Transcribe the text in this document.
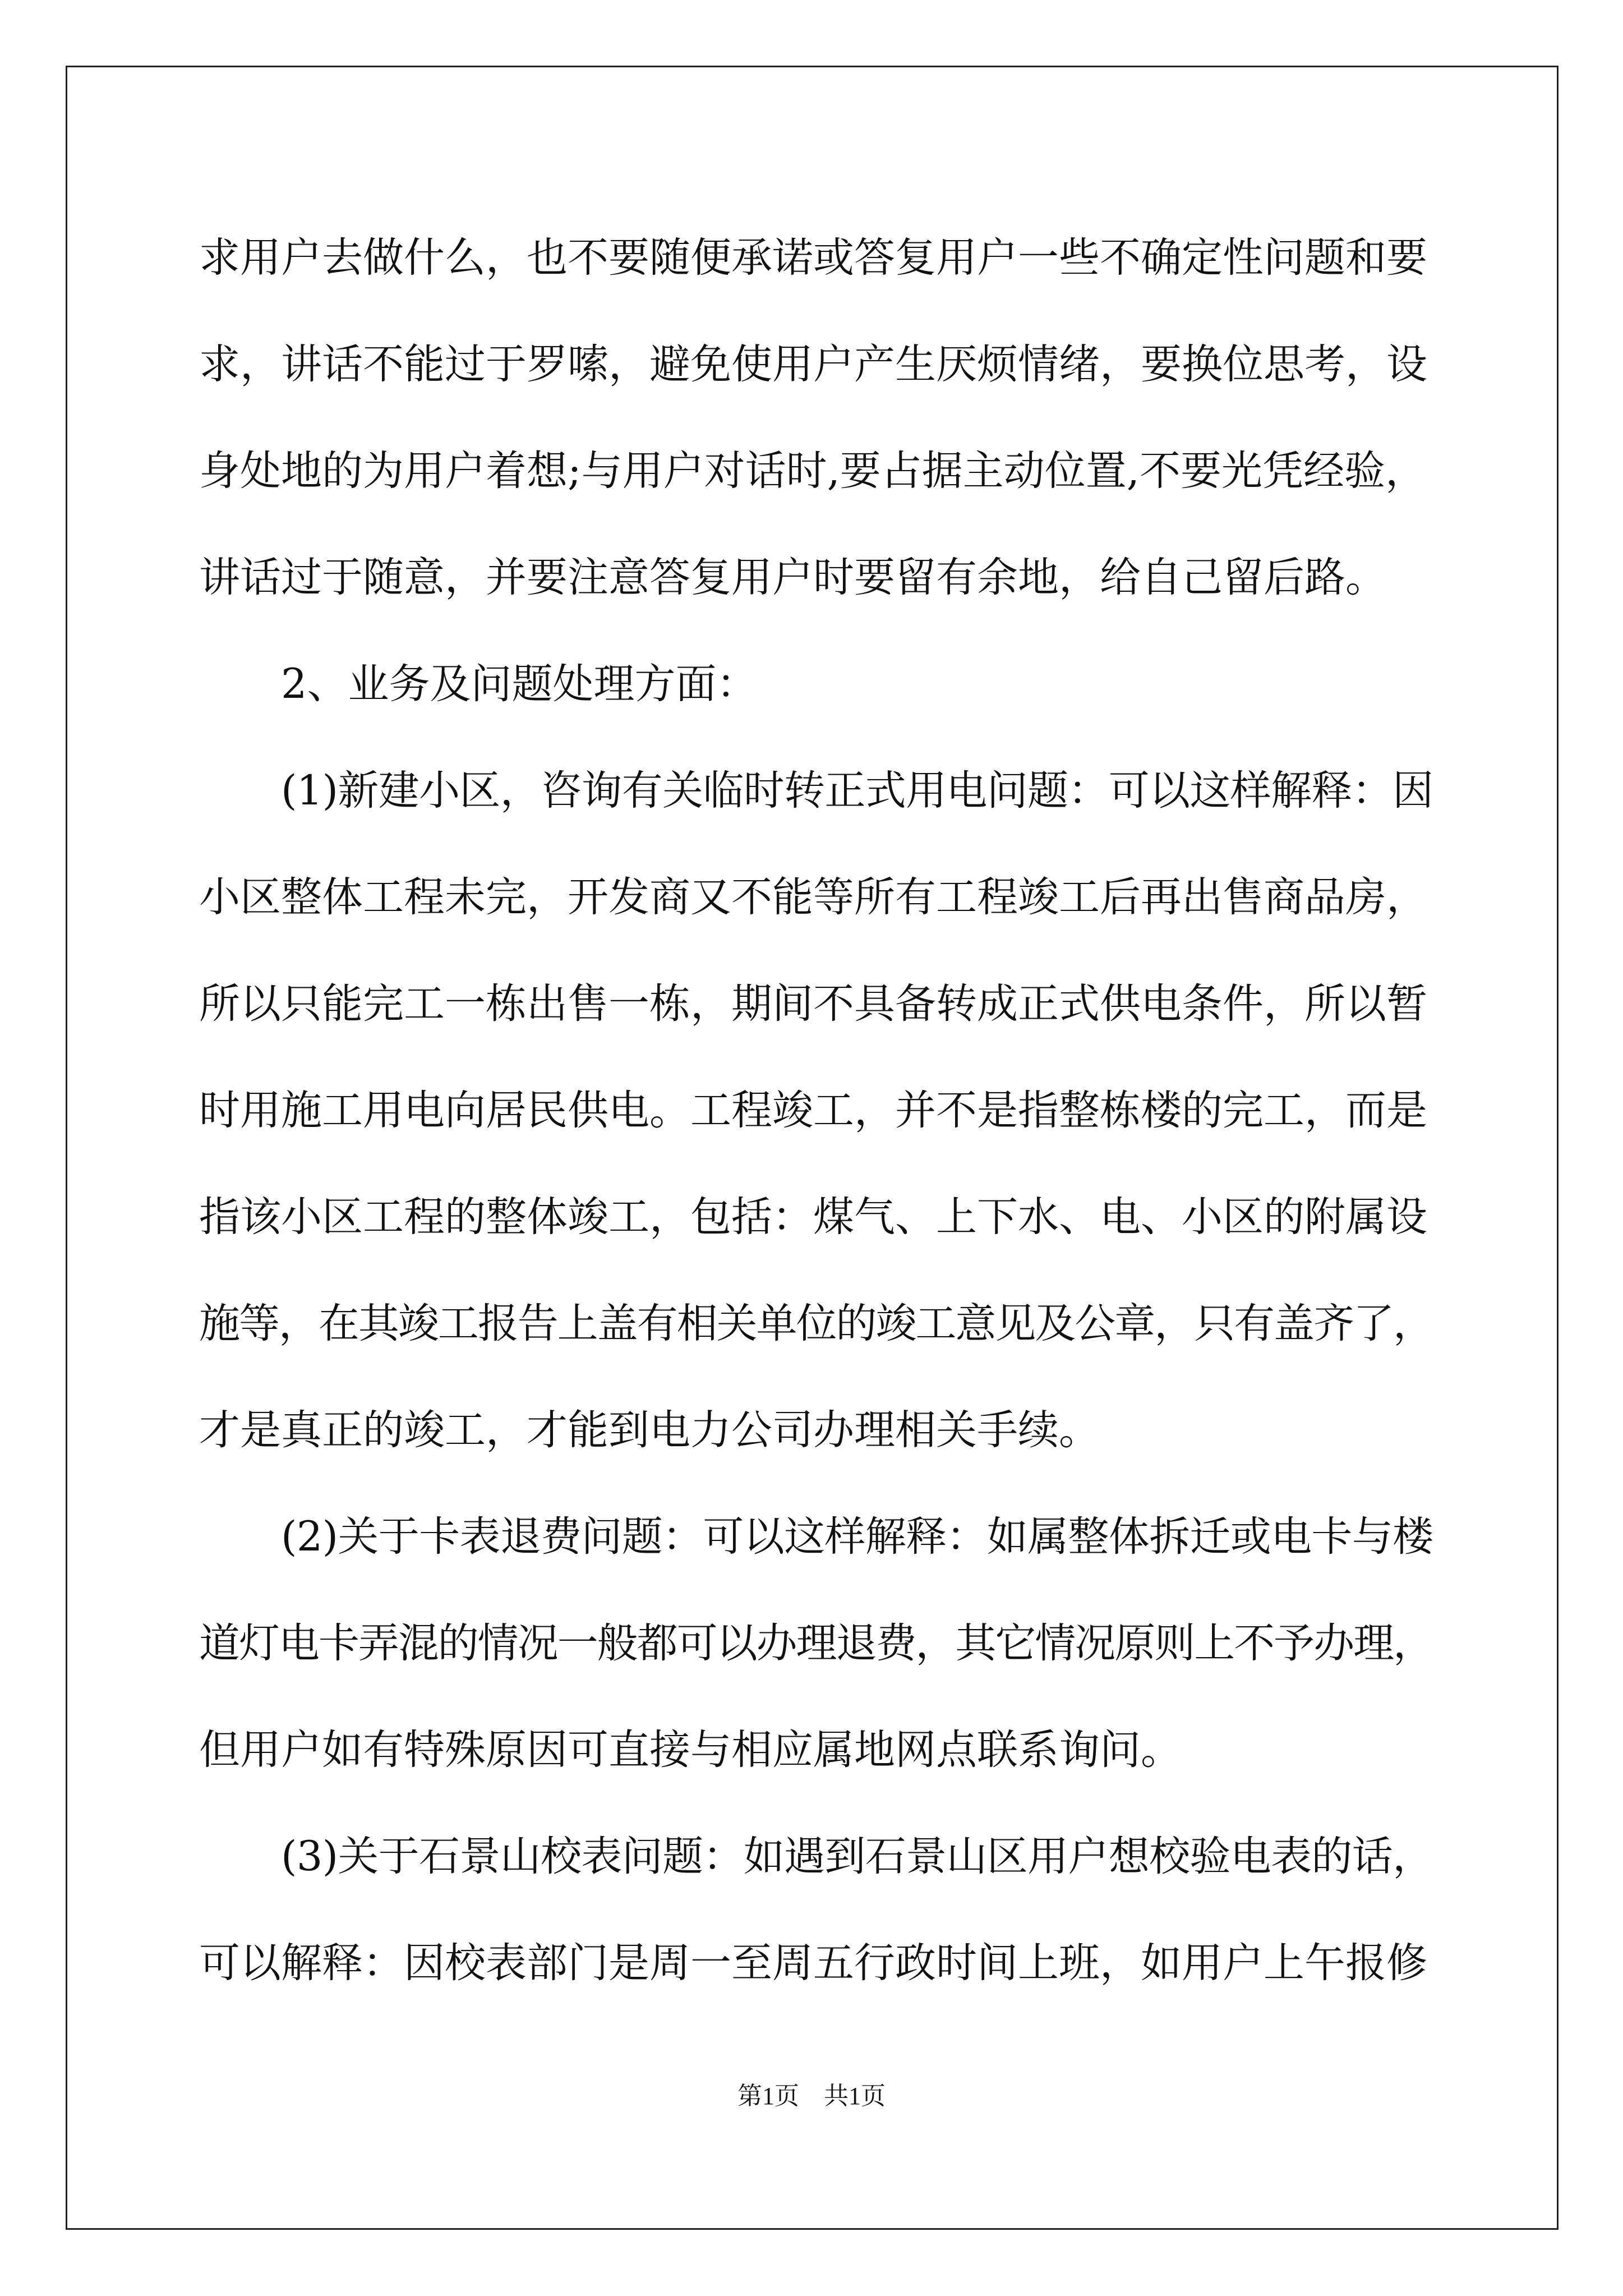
求用户去做什么，也不要随便承诺或答复用户一些不确定性问题和要
求，讲话不能过于罗嗦，避免使用户产生厌烦情绪，要换位思考，设
身处地的为用户着想;与用户对话时,要占据主动位置,不要光凭经验，
讲话过于随意，并要注意答复用户时要留有余地，给自己留后路。
2、业务及问题处理方面：
(1)新建小区，咨询有关临时转正式用电问题：可以这样解释：因
小区整体工程未完，开发商又不能等所有工程竣工后再出售商品房，
所以只能完工一栋出售一栋，期间不具备转成正式供电条件，所以暂
时用施工用电向居民供电。工程竣工，并不是指整栋楼的完工，而是
指该小区工程的整体竣工，包括：煤气、上下水、电、小区的附属设
施等，在其竣工报告上盖有相关单位的竣工意见及公章，只有盖齐了，
才是真正的竣工，才能到电力公司办理相关手续。
(2)关于卡表退费问题：可以这样解释：如属整体拆迁或电卡与楼
道灯电卡弄混的情况一般都可以办理退费，其它情况原则上不予办理，
但用户如有特殊原因可直接与相应属地网点联系询问。
(3)关于石景山校表问题：如遇到石景山区用户想校验电表的话，
可以解释：因校表部门是周一至周五行政时间上班，如用户上午报修
第1页　共1页
